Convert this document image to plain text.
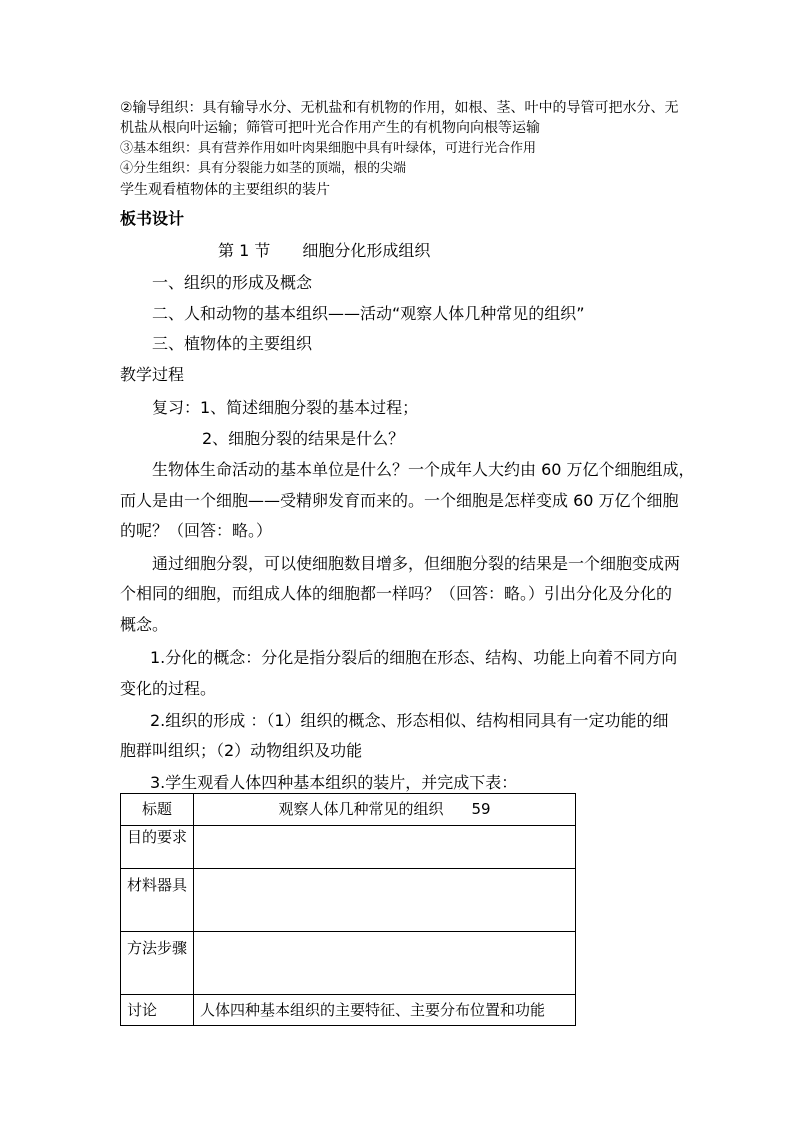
②输导组织：具有输导水分、无机盐和有机物的作用，如根、茎、叶中的导管可把水分、无
机盐从根向叶运输；筛管可把叶光合作用产生的有机物向向根等运输
③基本组织：具有营养作用如叶肉果细胞中具有叶绿体，可进行光合作用
④分生组织：具有分裂能力如茎的顶端，根的尖端
学生观看植物体的主要组织的装片
板书设计
第 1 节　　细胞分化形成组织
一、组织的形成及概念
二、人和动物的基本组织——活动“观察人体几种常见的组织”
三、植物体的主要组织
教学过程
复习：1、简述细胞分裂的基本过程；
2、细胞分裂的结果是什么？
生物体生命活动的基本单位是什么？一个成年人大约由 60 万亿个细胞组成，
而人是由一个细胞——受精卵发育而来的。一个细胞是怎样变成 60 万亿个细胞
的呢？（回答：略。）
通过细胞分裂，可以使细胞数目增多，但细胞分裂的结果是一个细胞变成两
个相同的细胞，而组成人体的细胞都一样吗？（回答：略。）引出分化及分化的
概念。
1.分化的概念：分化是指分裂后的细胞在形态、结构、功能上向着不同方向
变化的过程。
2.组织的形成 ：（1）组织的概念、形态相似、结构相同具有一定功能的细
胞群叫组织；（2）动物组织及功能
3.学生观看人体四种基本组织的装片，并完成下表：
标题	观察人体几种常见的组织 59

目的要求	
材料器具	
方法步骤	
讨论	人体四种基本组织的主要特征、主要分布位置和功能
